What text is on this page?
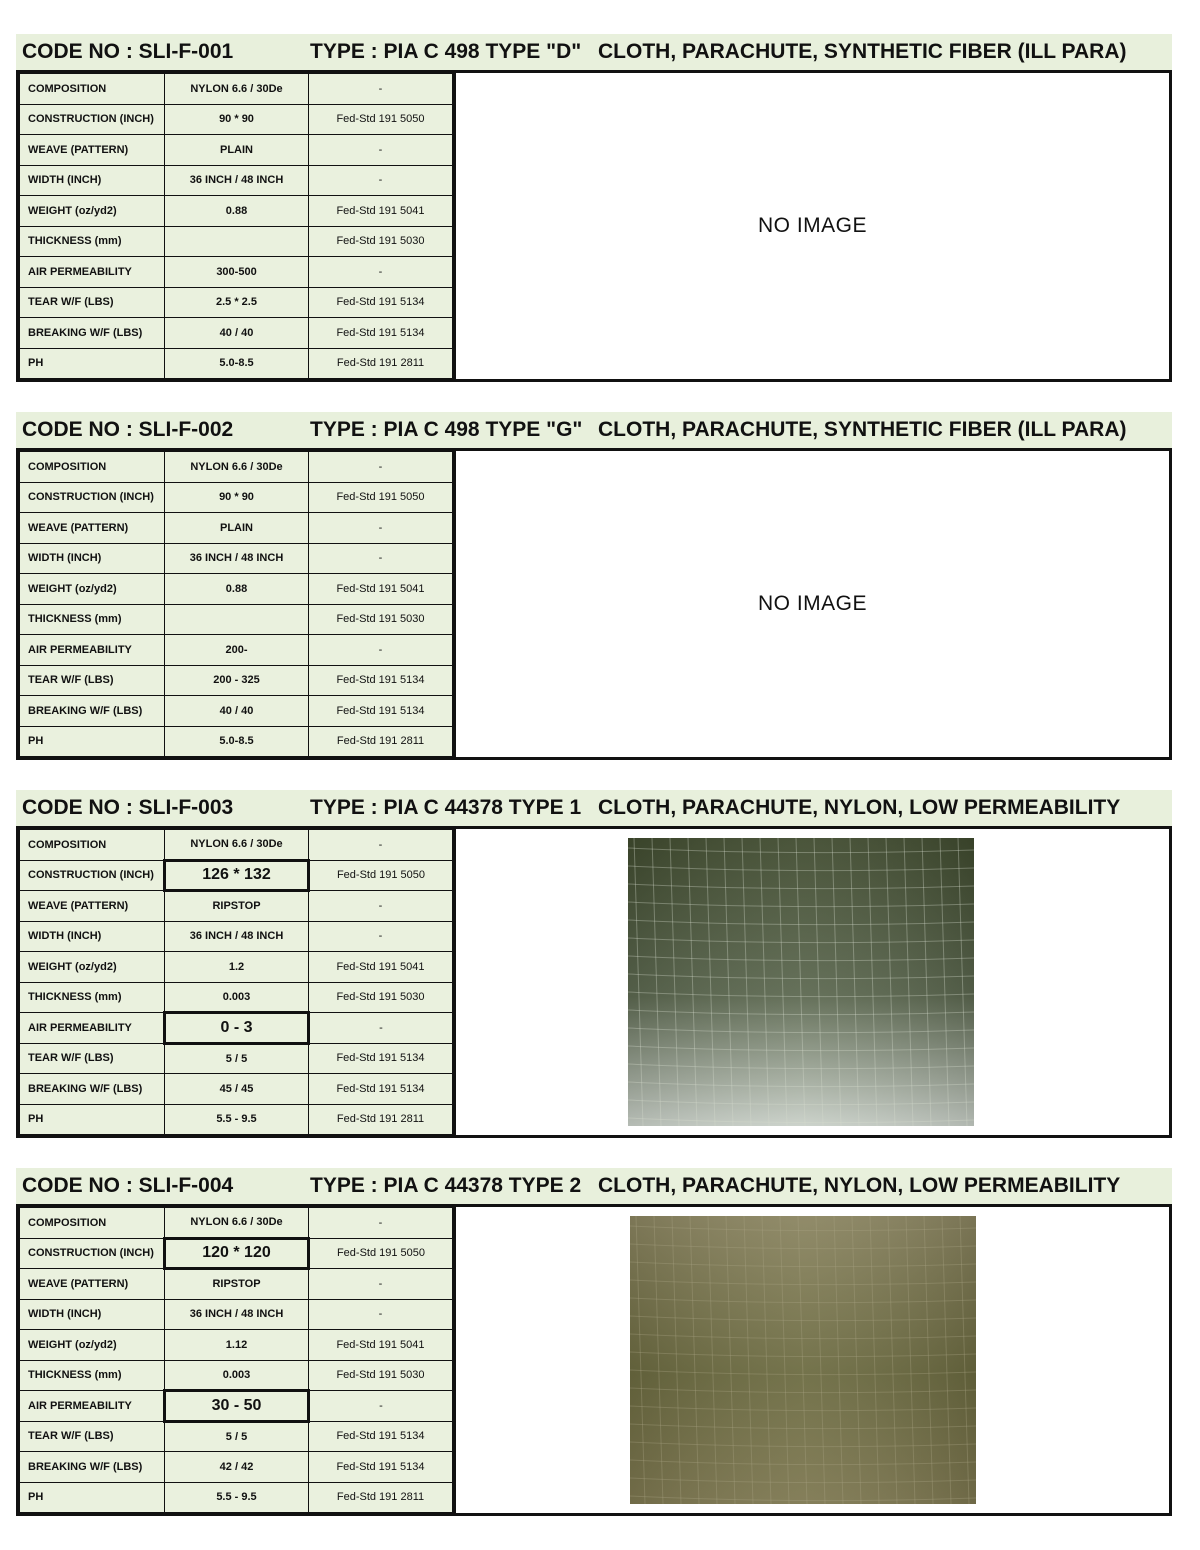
CODE NO : SLI-F-001	TYPE : PIA C 498 TYPE "D" CLOTH, PARACHUTE, SYNTHETIC FIBER (ILL PARA)
COMPOSITION	NYLON 6.6 / 30De	-
CONSTRUCTION (INCH)	90 * 90	Fed-Std 191 5050
WEAVE (PATTERN)	PLAIN	-
WIDTH (INCH)	36 INCH / 48 INCH	-
WEIGHT (oz/yd2)	0.88	Fed-Std 191 5041
THICKNESS (mm)		Fed-Std 191 5030
AIR PERMEABILITY	300-500	-
TEAR W/F (LBS)	2.5 * 2.5	Fed-Std 191 5134
BREAKING W/F (LBS)	40 / 40	Fed-Std 191 5134
PH	5.0-8.5	Fed-Std 191 2811
NO IMAGE
CODE NO : SLI-F-002	TYPE : PIA C 498 TYPE "G" CLOTH, PARACHUTE, SYNTHETIC FIBER (ILL PARA)
COMPOSITION	NYLON 6.6 / 30De	-
CONSTRUCTION (INCH)	90 * 90	Fed-Std 191 5050
WEAVE (PATTERN)	PLAIN	-
WIDTH (INCH)	36 INCH / 48 INCH	-
WEIGHT (oz/yd2)	0.88	Fed-Std 191 5041
THICKNESS (mm)		Fed-Std 191 5030
AIR PERMEABILITY	200-	-
TEAR W/F (LBS)	200 - 325	Fed-Std 191 5134
BREAKING W/F (LBS)	40 / 40	Fed-Std 191 5134
PH	5.0-8.5	Fed-Std 191 2811
NO IMAGE
CODE NO : SLI-F-003	TYPE : PIA C 44378 TYPE 1 CLOTH, PARACHUTE, NYLON, LOW PERMEABILITY
COMPOSITION	NYLON 6.6 / 30De	-
CONSTRUCTION (INCH)	126 * 132	Fed-Std 191 5050
WEAVE (PATTERN)	RIPSTOP	-
WIDTH (INCH)	36 INCH / 48 INCH	-
WEIGHT (oz/yd2)	1.2	Fed-Std 191 5041
THICKNESS (mm)	0.003	Fed-Std 191 5030
AIR PERMEABILITY	0 - 3	-
TEAR W/F (LBS)	5 / 5	Fed-Std 191 5134
BREAKING W/F (LBS)	45 / 45	Fed-Std 191 5134
PH	5.5 - 9.5	Fed-Std 191 2811
CODE NO : SLI-F-004	TYPE : PIA C 44378 TYPE 2 CLOTH, PARACHUTE, NYLON, LOW PERMEABILITY
COMPOSITION	NYLON 6.6 / 30De	-
CONSTRUCTION (INCH)	120 * 120	Fed-Std 191 5050
WEAVE (PATTERN)	RIPSTOP	-
WIDTH (INCH)	36 INCH / 48 INCH	-
WEIGHT (oz/yd2)	1.12	Fed-Std 191 5041
THICKNESS (mm)	0.003	Fed-Std 191 5030
AIR PERMEABILITY	30 - 50	-
TEAR W/F (LBS)	5 / 5	Fed-Std 191 5134
BREAKING W/F (LBS)	42 / 42	Fed-Std 191 5134
PH	5.5 - 9.5	Fed-Std 191 2811
